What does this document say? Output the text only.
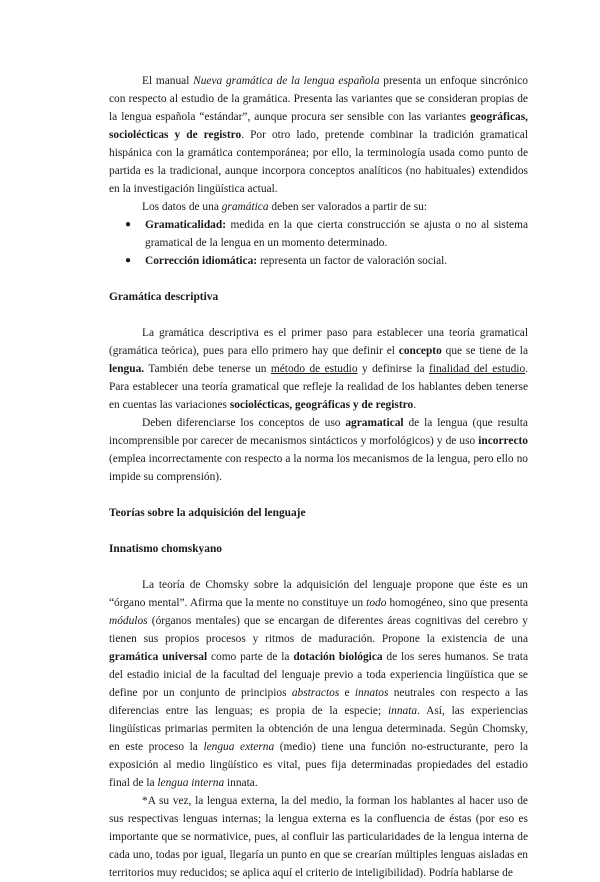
El manual Nueva gramática de la lengua española presenta un enfoque sincrónico con respecto al estudio de la gramática. Presenta las variantes que se consideran propias de la lengua española “estándar”, aunque procura ser sensible con las variantes geográficas, sociolécticas y de registro. Por otro lado, pretende combinar la tradición gramatical hispánica con la gramática contemporánea; por ello, la terminología usada como punto de partida es la tradicional, aunque incorpora conceptos analíticos (no habituales) extendidos en la investigación lingüística actual.

Los datos de una gramática deben ser valorados a partir de su:

● Gramaticalidad: medida en la que cierta construcción se ajusta o no al sistema gramatical de la lengua en un momento determinado.
● Corrección idiomática: representa un factor de valoración social.

Gramática descriptiva

La gramática descriptiva es el primer paso para establecer una teoría gramatical (gramática teórica), pues para ello primero hay que definir el concepto que se tiene de la lengua. También debe tenerse un método de estudio y definirse la finalidad del estudio. Para establecer una teoría gramatical que refleje la realidad de los hablantes deben tenerse en cuentas las variaciones sociolécticas, geográficas y de registro.

Deben diferenciarse los conceptos de uso agramatical de la lengua (que resulta incomprensible por carecer de mecanismos sintácticos y morfológicos) y de uso incorrecto (emplea incorrectamente con respecto a la norma los mecanismos de la lengua, pero ello no impide su comprensión).

Teorías sobre la adquisición del lenguaje

Innatismo chomskyano

La teoría de Chomsky sobre la adquisición del lenguaje propone que éste es un “órgano mental”. Afirma que la mente no constituye un todo homogéneo, sino que presenta módulos (órganos mentales) que se encargan de diferentes áreas cognitivas del cerebro y tienen sus propios procesos y ritmos de maduración. Propone la existencia de una gramática universal como parte de la dotación biológica de los seres humanos. Se trata del estadio inicial de la facultad del lenguaje previo a toda experiencia lingüística que se define por un conjunto de principios abstractos e innatos neutrales con respecto a las diferencias entre las lenguas; es propia de la especie; innata. Así, las experiencias lingüísticas primarias permiten la obtención de una lengua determinada. Según Chomsky, en este proceso la lengua externa (medio) tiene una función no-estructurante, pero la exposición al medio lingüístico es vital, pues fija determinadas propiedades del estadio final de la lengua interna innata.

*A su vez, la lengua externa, la del medio, la forman los hablantes al hacer uso de sus respectivas lenguas internas; la lengua externa es la confluencia de éstas (por eso es importante que se normativice, pues, al confluir las particularidades de la lengua interna de cada uno, todas por igual, llegaría un punto en que se crearían múltiples lenguas aisladas en territorios muy reducidos; se aplica aquí el criterio de inteligibilidad). Podría hablarse de
